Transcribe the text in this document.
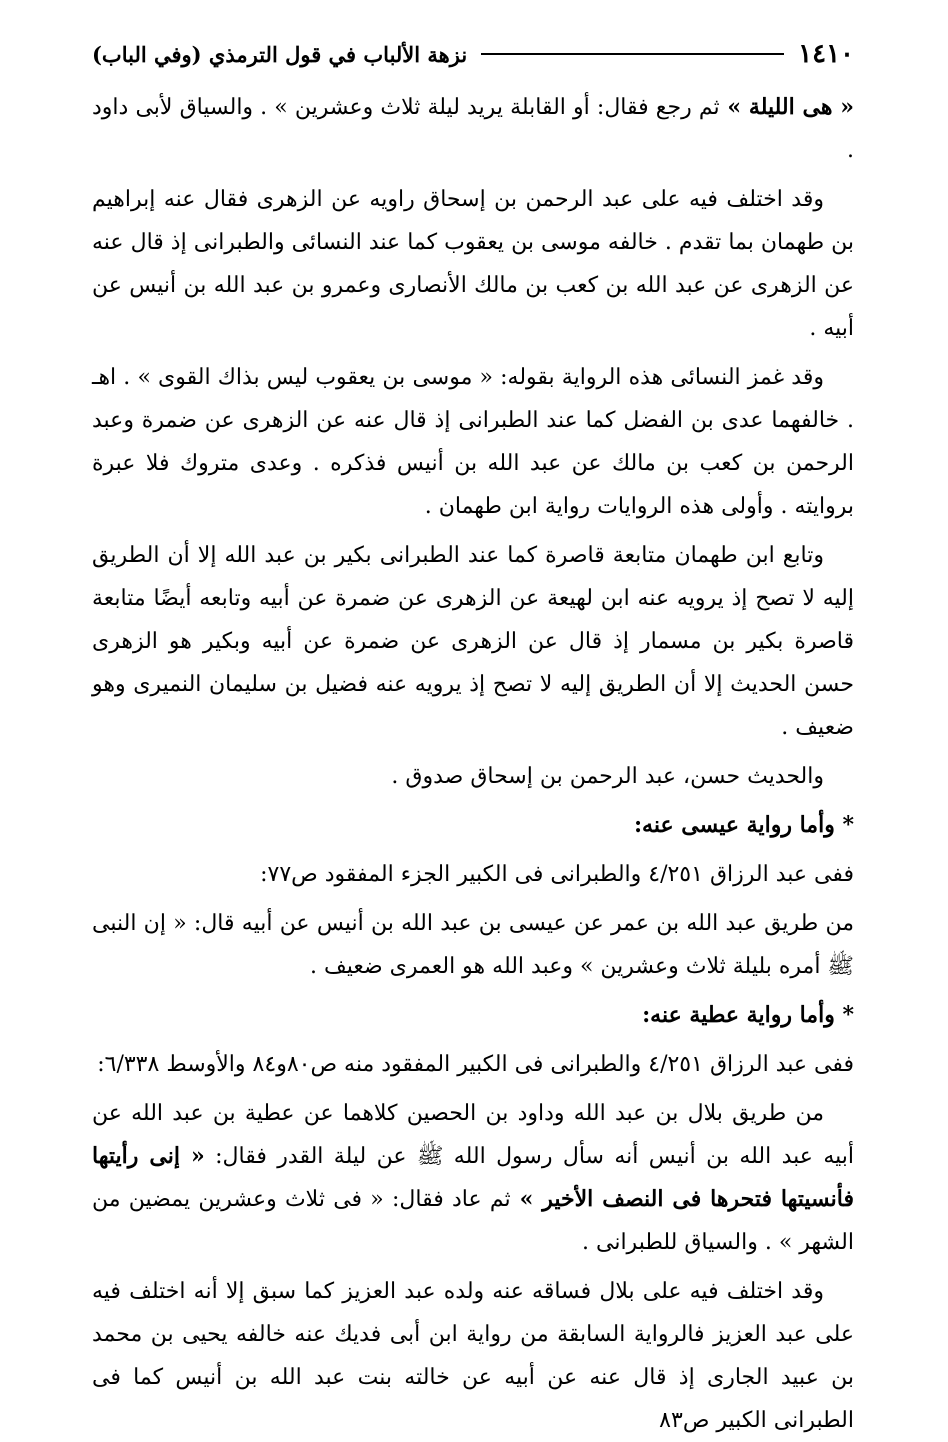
١٤١٠
نزهة الألباب في قول الترمذي (وفي الباب)

« هى الليلة » ثم رجع فقال: أو القابلة يريد ليلة ثلاث وعشرين » . والسياق لأبى داود .

وقد اختلف فيه على عبد الرحمن بن إسحاق راويه عن الزهرى فقال عنه إبراهيم بن طهمان بما تقدم . خالفه موسى بن يعقوب كما عند النسائى والطبرانى إذ قال عنه عن الزهرى عن عبد الله بن كعب بن مالك الأنصارى وعمرو بن عبد الله بن أنيس عن أبيه .

وقد غمز النسائى هذه الرواية بقوله: « موسى بن يعقوب ليس بذاك القوى » . اهـ . خالفهما عدى بن الفضل كما عند الطبرانى إذ قال عنه عن الزهرى عن ضمرة وعبد الرحمن بن كعب بن مالك عن عبد الله بن أنيس فذكره . وعدى متروك فلا عبرة بروايته . وأولى هذه الروايات رواية ابن طهمان .

وتابع ابن طهمان متابعة قاصرة كما عند الطبرانى بكير بن عبد الله إلا أن الطريق إليه لا تصح إذ يرويه عنه ابن لهيعة عن الزهرى عن ضمرة عن أبيه وتابعه أيضًا متابعة قاصرة بكير بن مسمار إذ قال عن الزهرى عن ضمرة عن أبيه وبكير هو الزهرى حسن الحديث إلا أن الطريق إليه لا تصح إذ يرويه عنه فضيل بن سليمان النميرى وهو ضعيف .

والحديث حسن، عبد الرحمن بن إسحاق صدوق .

* وأما رواية عيسى عنه:

ففى عبد الرزاق ٤/٢٥١ والطبرانى فى الكبير الجزء المفقود ص٧٧:

من طريق عبد الله بن عمر عن عيسى بن عبد الله بن أنيس عن أبيه قال: « إن النبى ﷺ أمره بليلة ثلاث وعشرين » وعبد الله هو العمرى ضعيف .

* وأما رواية عطية عنه:

ففى عبد الرزاق ٤/٢٥١ والطبرانى فى الكبير المفقود منه ص٨٠و٨٤ والأوسط ٦/٣٣٨:

من طريق بلال بن عبد الله وداود بن الحصين كلاهما عن عطية بن عبد الله عن أبيه عبد الله بن أنيس أنه سأل رسول الله ﷺ عن ليلة القدر فقال: « إنى رأيتها فأنسيتها فتحرها فى النصف الأخير » ثم عاد فقال: « فى ثلاث وعشرين يمضين من الشهر » . والسياق للطبرانى .

وقد اختلف فيه على بلال فساقه عنه ولده عبد العزيز كما سبق إلا أنه اختلف فيه على عبد العزيز فالرواية السابقة من رواية ابن أبى فديك عنه خالفه يحيى بن محمد بن عبيد الجارى إذ قال عنه عن أبيه عن خالته بنت عبد الله بن أنيس كما فى الطبرانى الكبير ص٨٣
